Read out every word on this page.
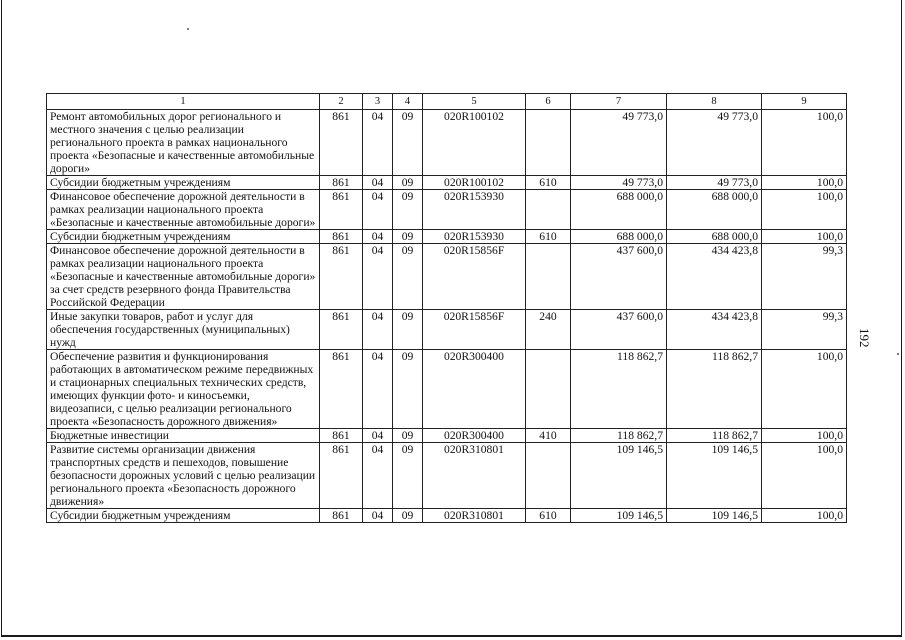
192
1	2	3	4	5	6	7	8	9
Ремонт автомобильных дорог регионального и местного значения с целью реализации регионального проекта в рамках национального проекта «Безопасные и качественные автомобильные дороги»	861	04	09	020R100102		49 773,0	49 773,0	100,0
Субсидии бюджетным учреждениям	861	04	09	020R100102	610	49 773,0	49 773,0	100,0
Финансовое обеспечение дорожной деятельности в рамках реализации национального проекта «Безопасные и качественные автомобильные дороги»	861	04	09	020R153930		688 000,0	688 000,0	100,0
Субсидии бюджетным учреждениям	861	04	09	020R153930	610	688 000,0	688 000,0	100,0
Финансовое обеспечение дорожной деятельности в рамках реализации национального проекта «Безопасные и качественные автомобильные дороги» за счет средств резервного фонда Правительства Российской Федерации	861	04	09	020R15856F		437 600,0	434 423,8	99,3
Иные закупки товаров, работ и услуг для обеспечения государственных (муниципальных) нужд	861	04	09	020R15856F	240	437 600,0	434 423,8	99,3
Обеспечение развития и функционирования работающих в автоматическом режиме передвижных и стационарных специальных технических средств, имеющих функции фото- и киносъемки, видеозаписи, с целью реализации регионального проекта «Безопасность дорожного движения»	861	04	09	020R300400		118 862,7	118 862,7	100,0
Бюджетные инвестиции	861	04	09	020R300400	410	118 862,7	118 862,7	100,0
Развитие системы организации движения транспортных средств и пешеходов, повышение безопасности дорожных условий с целью реализации регионального проекта «Безопасность дорожного движения»	861	04	09	020R310801		109 146,5	109 146,5	100,0
Субсидии бюджетным учреждениям	861	04	09	020R310801	610	109 146,5	109 146,5	100,0
